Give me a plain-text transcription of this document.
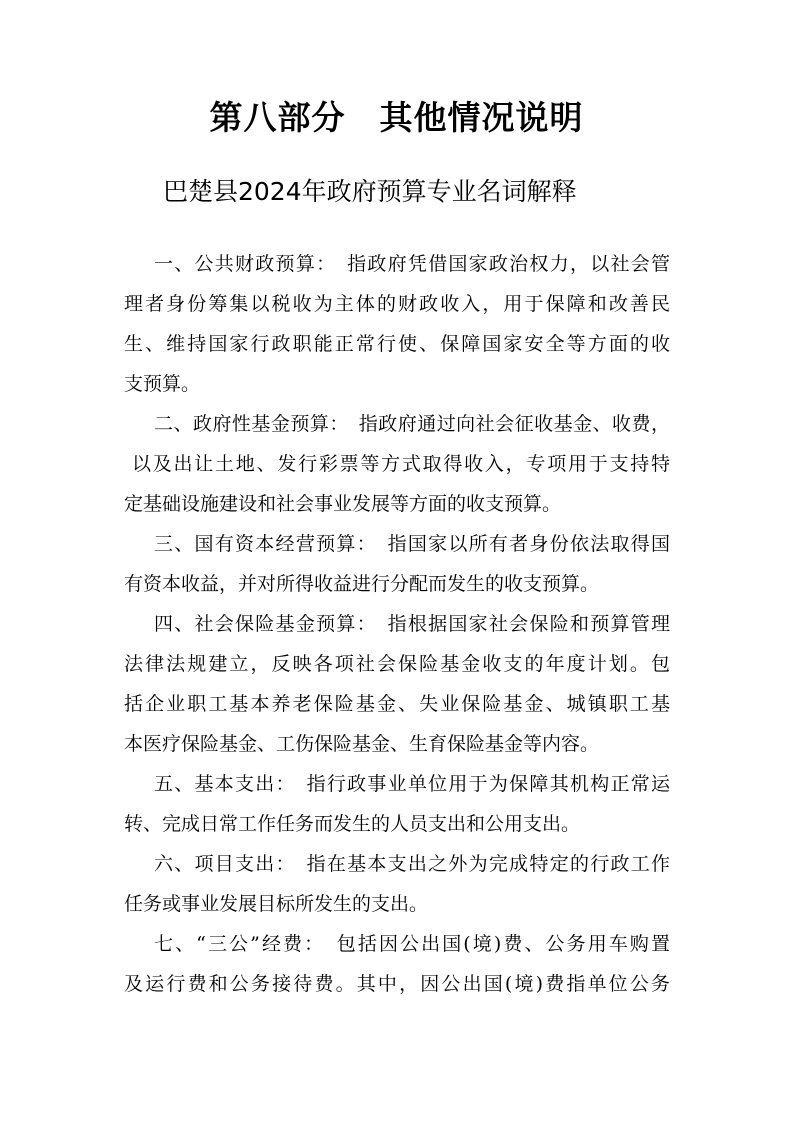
第八部分　其他情况说明
巴楚县2024年政府预算专业名词解释
一、公共财政预算：　指政府凭借国家政治权力，以社会管
理者身份筹集以税收为主体的财政收入，用于保障和改善民
生、维持国家行政职能正常行使、保障国家安全等方面的收
支预算。
二、政府性基金预算：　指政府通过向社会征收基金、收费，
以及出让土地、发行彩票等方式取得收入，专项用于支持特
定基础设施建设和社会事业发展等方面的收支预算。
三、国有资本经营预算：　指国家以所有者身份依法取得国
有资本收益，并对所得收益进行分配而发生的收支预算。
四、社会保险基金预算：　指根据国家社会保险和预算管理
法律法规建立，反映各项社会保险基金收支的年度计划。包
括企业职工基本养老保险基金、失业保险基金、城镇职工基
本医疗保险基金、工伤保险基金、生育保险基金等内容。
五、基本支出：　指行政事业单位用于为保障其机构正常运
转、完成日常工作任务而发生的人员支出和公用支出。
六、项目支出：　指在基本支出之外为完成特定的行政工作
任务或事业发展目标所发生的支出。
七、“三公”经费：　包括因公出国(境)费、公务用车购置
及运行费和公务接待费。其中，因公出国(境)费指单位公务
